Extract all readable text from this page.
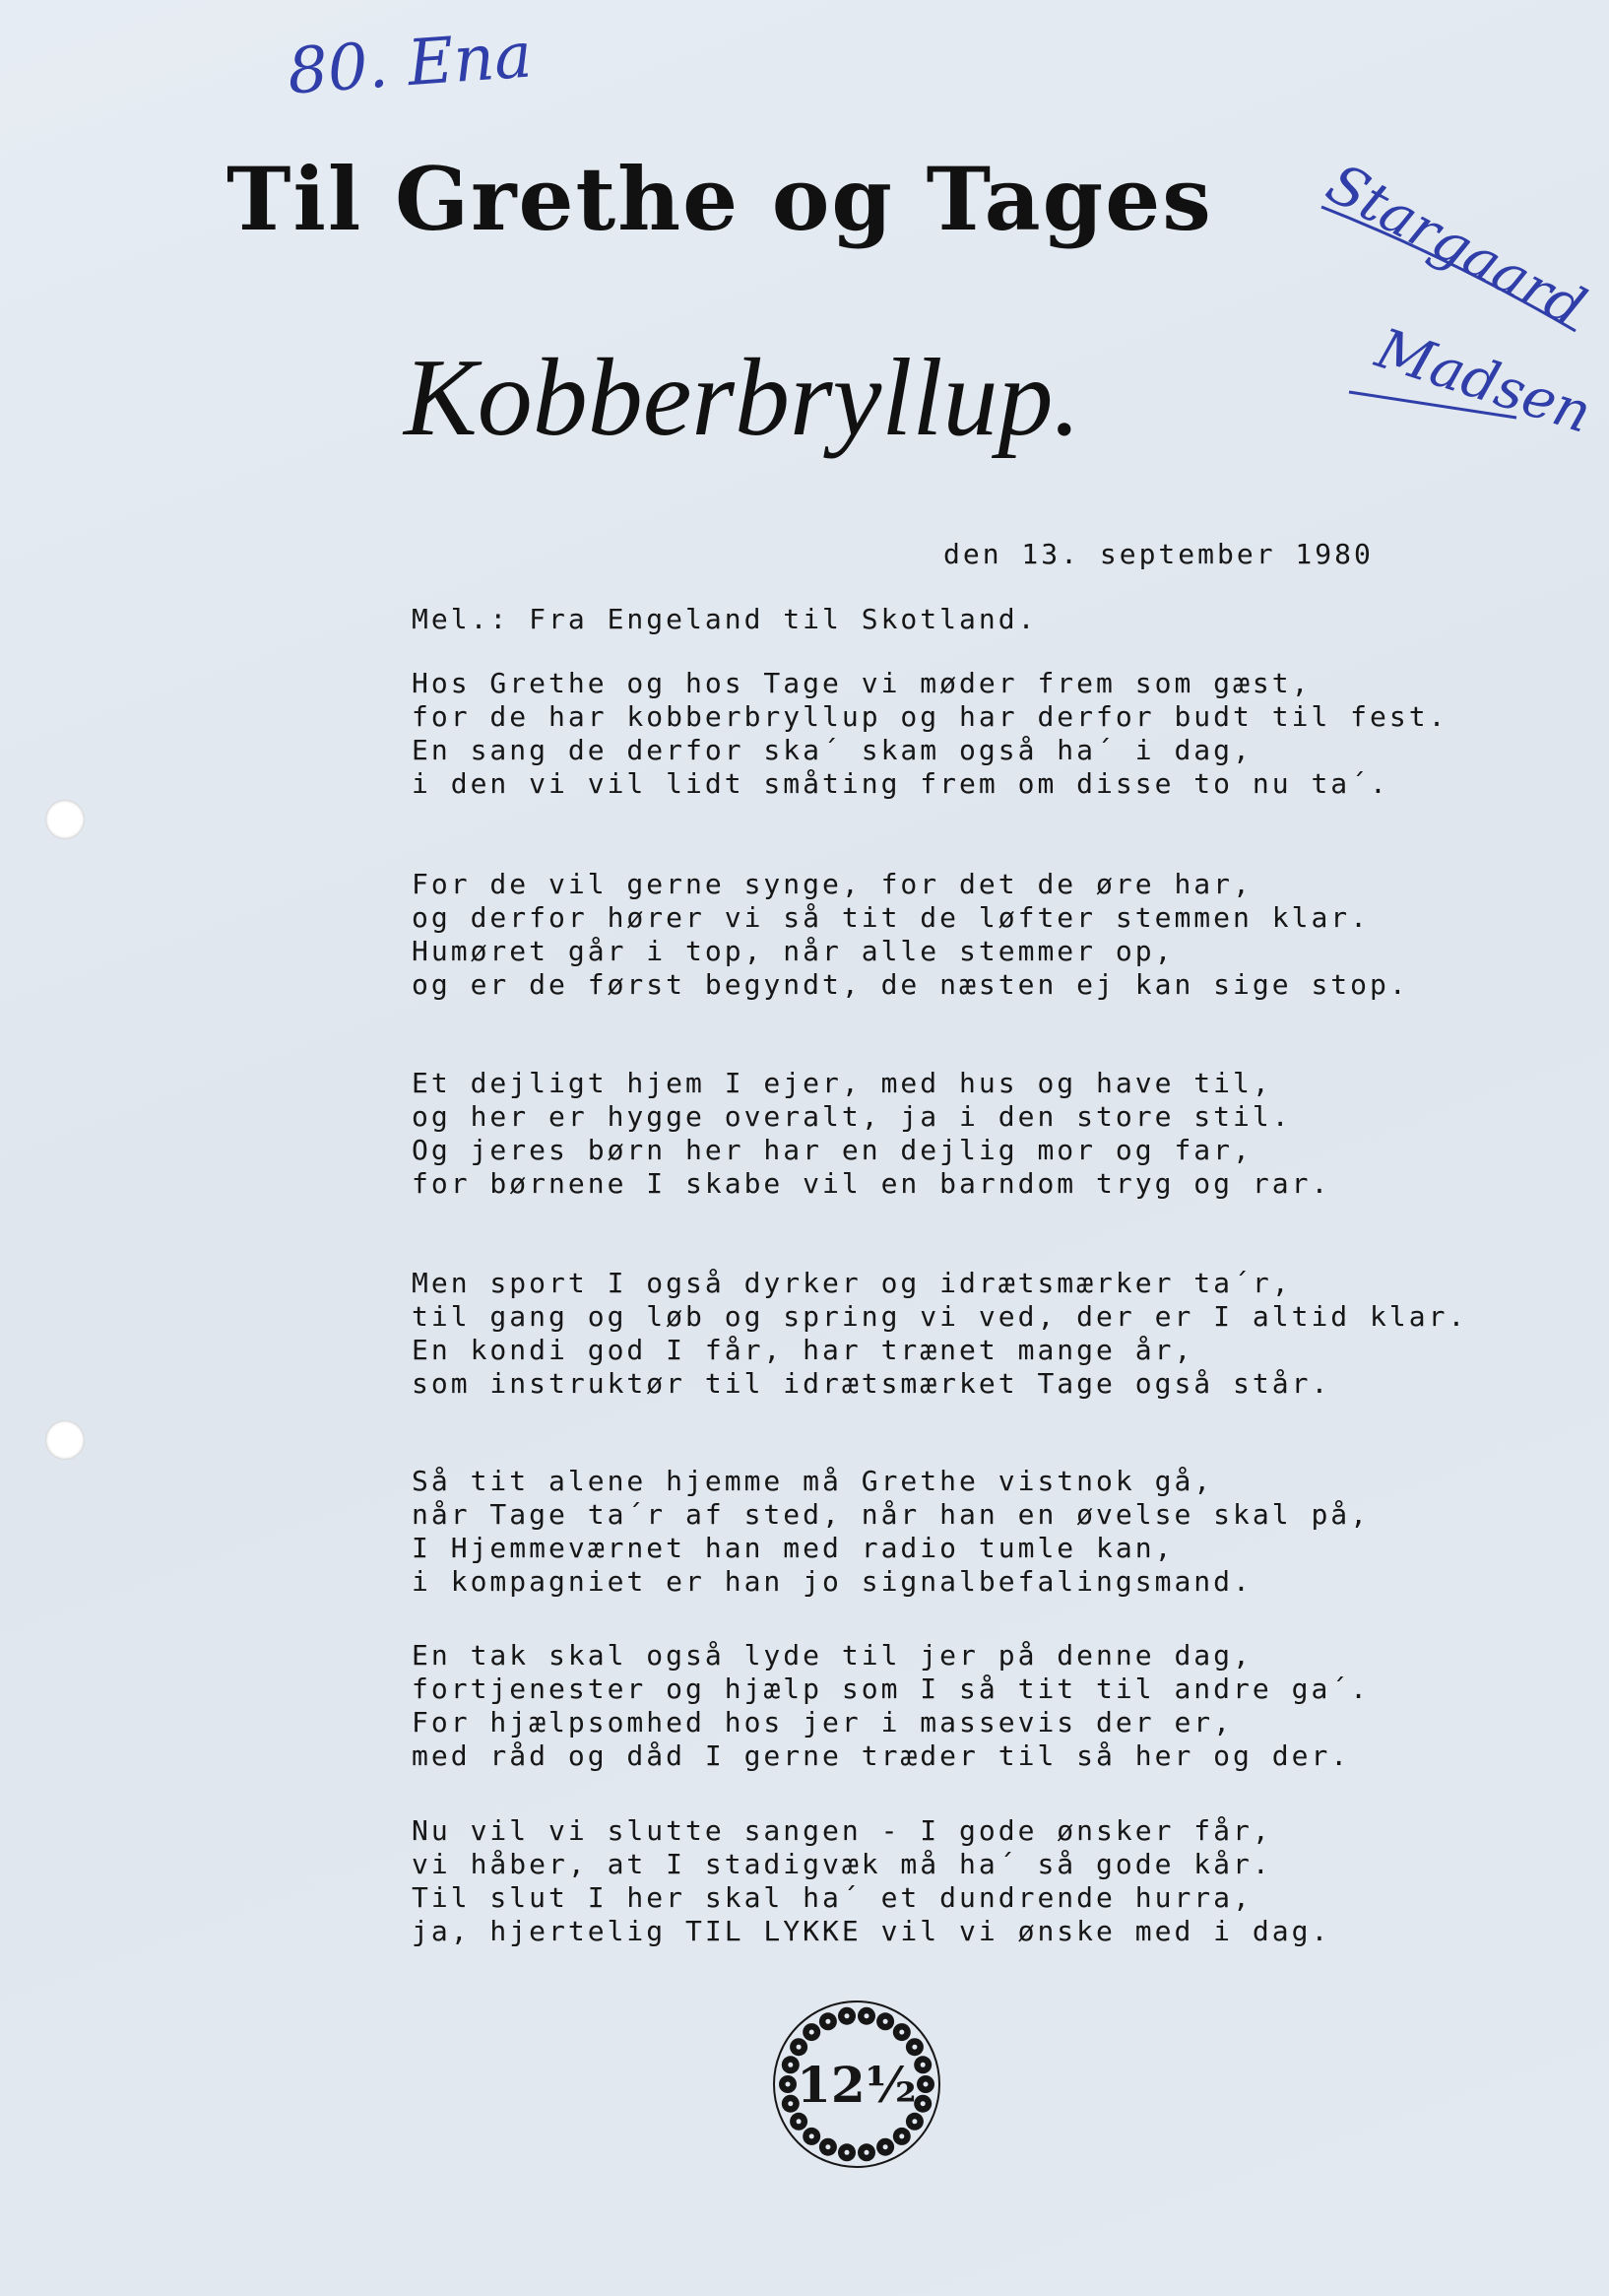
80. Ena
Stargaard
Madsen
Til Grethe og Tages
Kobberbryllup.
den 13. september 1980
Mel.: Fra Engeland til Skotland.
Hos Grethe og hos Tage vi møder frem som gæst,
for de har kobberbryllup og har derfor budt til fest.
En sang de derfor ska´ skam også ha´ i dag,
i den vi vil lidt småting frem om disse to nu ta´.
For de vil gerne synge, for det de øre har,
og derfor hører vi så tit de løfter stemmen klar.
Humøret går i top, når alle stemmer op,
og er de først begyndt, de næsten ej kan sige stop.
Et dejligt hjem I ejer, med hus og have til,
og her er hygge overalt, ja i den store stil.
Og jeres børn her har en dejlig mor og far,
for børnene I skabe vil en barndom tryg og rar.
Men sport I også dyrker og idrætsmærker ta´r,
til gang og løb og spring vi ved, der er I altid klar.
En kondi god I får, har trænet mange år,
som instruktør til idrætsmærket Tage også står.
Så tit alene hjemme må Grethe vistnok gå,
når Tage ta´r af sted, når han en øvelse skal på,
I Hjemmeværnet han med radio tumle kan,
i kompagniet er han jo signalbefalingsmand.
En tak skal også lyde til jer på denne dag,
fortjenester og hjælp som I så tit til andre ga´.
For hjælpsomhed hos jer i massevis der er,
med råd og dåd I gerne træder til så her og der.
Nu vil vi slutte sangen - I gode ønsker får,
vi håber, at I stadigvæk må ha´ så gode kår.
Til slut I her skal ha´ et dundrende hurra,
ja, hjertelig TIL LYKKE vil vi ønske med i dag.
12½
